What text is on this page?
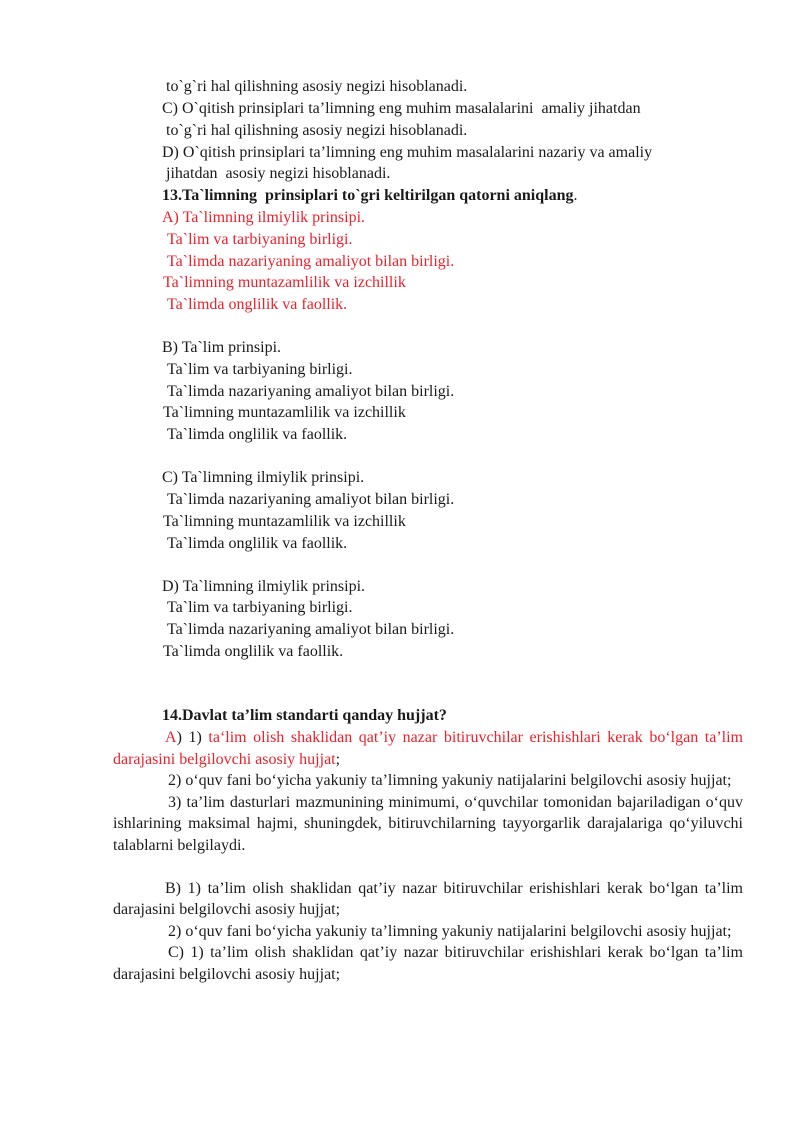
to`g`ri hal qilishning asosiy negizi hisoblanadi.
C) O`qitish prinsiplari ta’limning eng muhim masalalarini  amaliy jihatdan
to`g`ri hal qilishning asosiy negizi hisoblanadi.
D) O`qitish prinsiplari ta’limning eng muhim masalalarini nazariy va amaliy
jihatdan  asosiy negizi hisoblanadi.
13.Ta`limning  prinsiplari to`gri keltirilgan qatorni aniqlang.
A) Ta`limning ilmiylik prinsipi.
Ta`lim va tarbiyaning birligi.
Ta`limda nazariyaning amaliyot bilan birligi.
Ta`limning muntazamlilik va izchillik
Ta`limda onglilik va faollik.
B) Ta`lim prinsipi.
Ta`lim va tarbiyaning birligi.
Ta`limda nazariyaning amaliyot bilan birligi.
Ta`limning muntazamlilik va izchillik
Ta`limda onglilik va faollik.
C) Ta`limning ilmiylik prinsipi.
Ta`limda nazariyaning amaliyot bilan birligi.
Ta`limning muntazamlilik va izchillik
Ta`limda onglilik va faollik.
D) Ta`limning ilmiylik prinsipi.
Ta`lim va tarbiyaning birligi.
Ta`limda nazariyaning amaliyot bilan birligi.
Ta`limda onglilik va faollik.
14.Davlat ta’lim standarti qanday hujjat?

A) 1) ta‘lim olish shaklidan qat’iy nazar bitiruvchilar erishishlari kerak bo‘lgan ta’lim darajasini belgilovchi asosiy hujjat;

2) o‘quv fani bo‘yicha yakuniy ta’limning yakuniy natijalarini belgilovchi asosiy hujjat;

3) ta’lim dasturlari mazmunining minimumi, o‘quvchilar tomonidan bajariladigan o‘quv ishlarining maksimal hajmi, shuningdek, bitiruvchilarning tayyorgarlik darajalariga qo‘yiluvchi talablarni belgilaydi.

B) 1) ta’lim olish shaklidan qat’iy nazar bitiruvchilar erishishlari kerak bo‘lgan ta’lim darajasini belgilovchi asosiy hujjat;

2) o‘quv fani bo‘yicha yakuniy ta’limning yakuniy natijalarini belgilovchi asosiy hujjat;

C) 1) ta’lim olish shaklidan qat’iy nazar bitiruvchilar erishishlari kerak bo‘lgan ta’lim darajasini belgilovchi asosiy hujjat;
